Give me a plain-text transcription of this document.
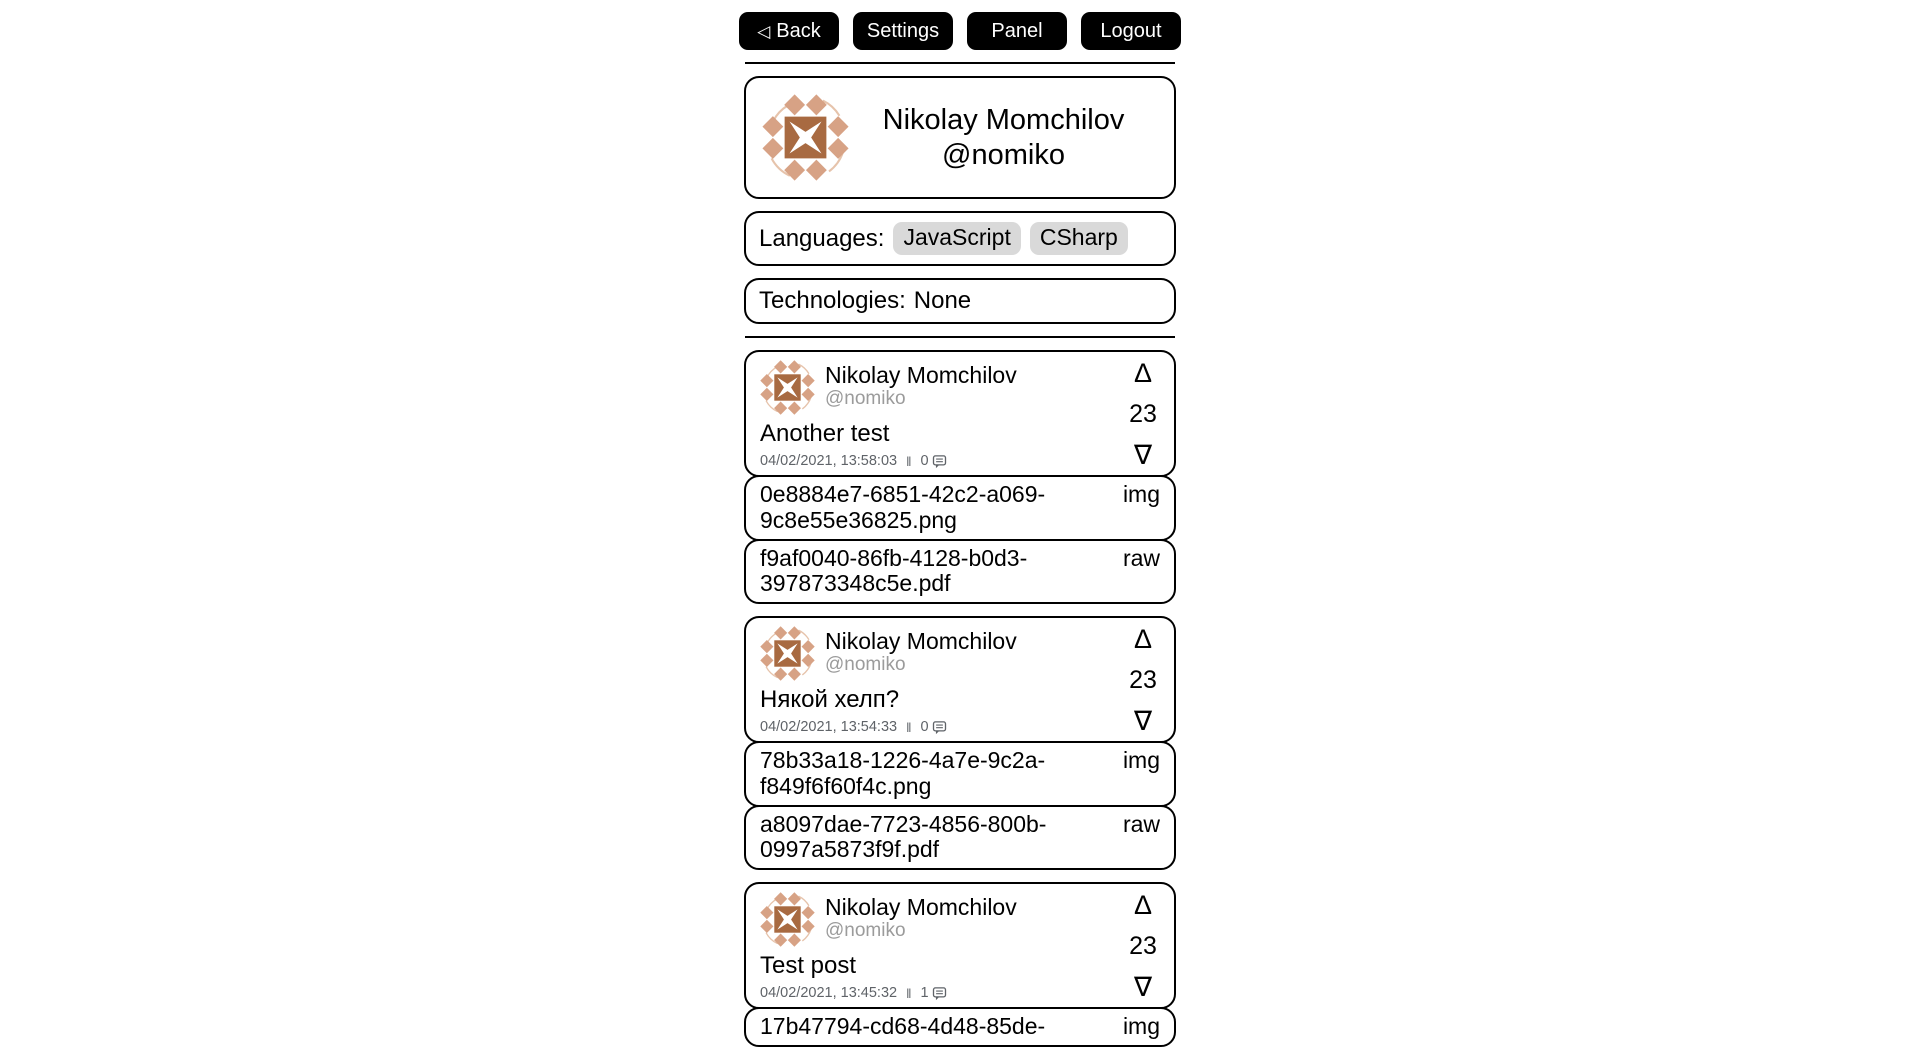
◁ Back Settings	Panel	Logout
Nikolay Momchilov
@nomiko
Languages: JavaScript	CSharp
Technologies: None
Nikolay Momchilov
@nomiko
Another test
04/02/2021, 13:58:03 ‖ 0
Δ
23
∇
0e8884e7-6851-42c2-a069-9c8e55e36825.png
img
f9af0040-86fb-4128-b0d3-397873348c5e.pdf
raw
Nikolay Momchilov
@nomiko
Някой хелп?
04/02/2021, 13:54:33 ‖ 0
Δ
23
∇
78b33a18-1226-4a7e-9c2a-f849f6f60f4c.png
img
a8097dae-7723-4856-800b-0997a5873f9f.pdf
raw
Nikolay Momchilov
@nomiko
Test post
04/02/2021, 13:45:32 ‖ 1
Δ
23
∇
17b47794-cd68-4d48-85de-	img
